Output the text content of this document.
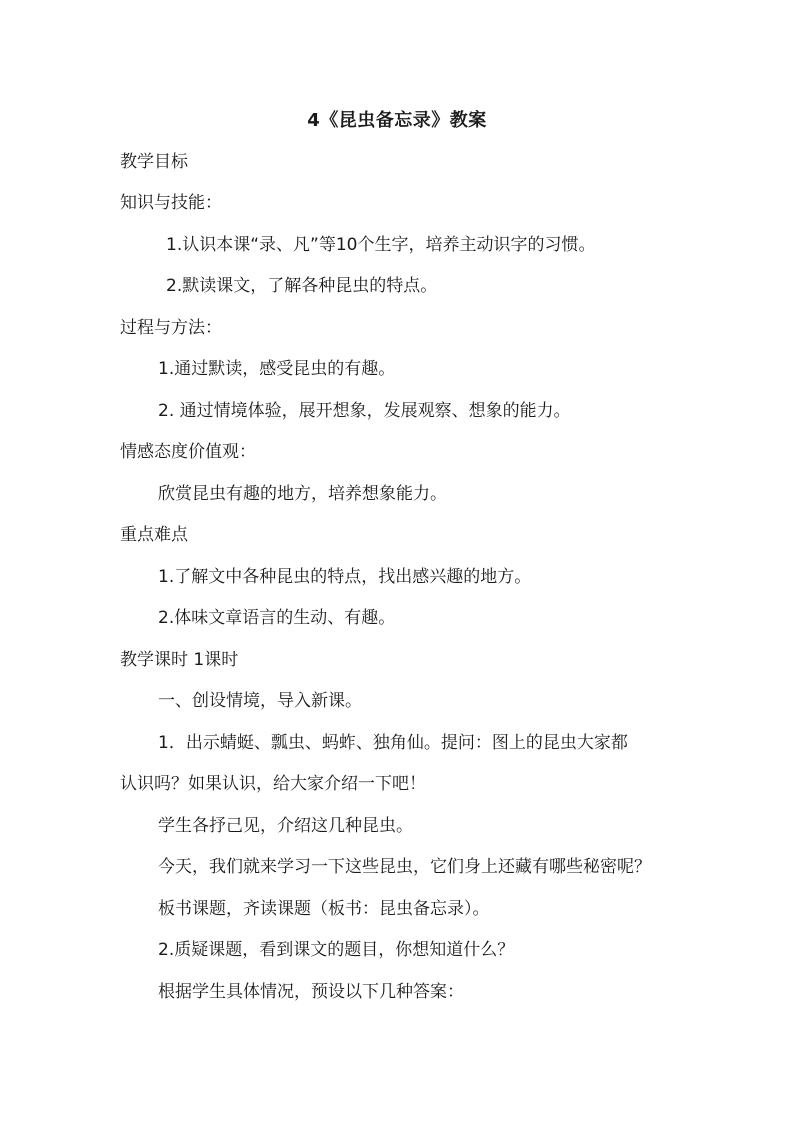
4《昆虫备忘录》教案
教学目标
知识与技能：
1.认识本课“录、凡”等10个生字，培养主动识字的习惯。
2.默读课文，了解各种昆虫的特点。
过程与方法：
1.通过默读，感受昆虫的有趣。
2. 通过情境体验，展开想象，发展观察、想象的能力。
情感态度价值观：
欣赏昆虫有趣的地方，培养想象能力。
重点难点
1.了解文中各种昆虫的特点，找出感兴趣的地方。
2.体味文章语言的生动、有趣。
教学课时 1课时
一、创设情境，导入新课。
1．出示蜻蜓、瓢虫、蚂蚱、独角仙。提问：图上的昆虫大家都
认识吗？如果认识，给大家介绍一下吧！
学生各抒己见，介绍这几种昆虫。
今天，我们就来学习一下这些昆虫，它们身上还藏有哪些秘密呢？
板书课题，齐读课题（板书：昆虫备忘录）。
2.质疑课题，看到课文的题目，你想知道什么？
根据学生具体情况，预设以下几种答案：
